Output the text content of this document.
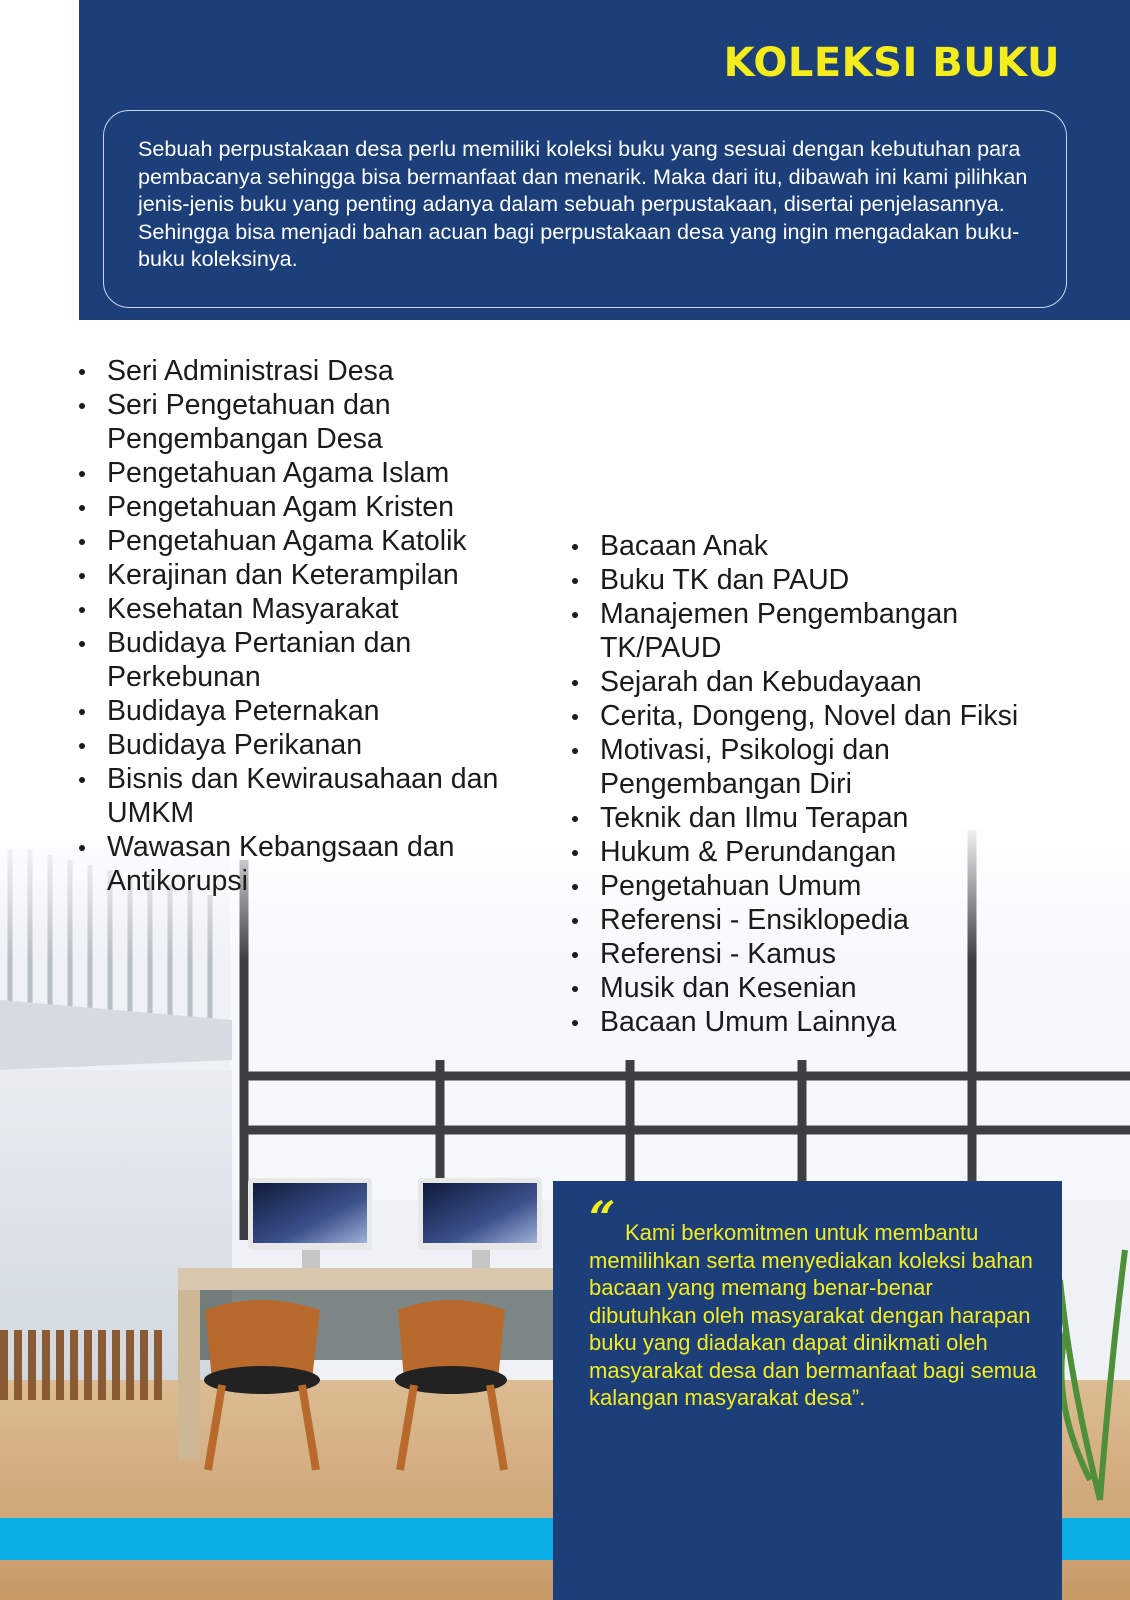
KOLEKSI BUKU

Sebuah perpustakaan desa perlu memiliki koleksi buku yang sesuai dengan kebutuhan para pembacanya sehingga bisa bermanfaat dan menarik. Maka dari itu, dibawah ini kami pilihkan jenis-jenis buku yang penting adanya dalam sebuah perpustakaan, disertai penjelasannya. Sehingga bisa menjadi bahan acuan bagi perpustakaan desa yang ingin mengadakan buku-buku koleksinya.

Seri Administrasi Desa
Seri Pengetahuan dan Pengembangan Desa
Pengetahuan Agama Islam
Pengetahuan Agam Kristen
Pengetahuan Agama Katolik
Kerajinan dan Keterampilan
Kesehatan Masyarakat
Budidaya Pertanian dan Perkebunan
Budidaya Peternakan
Budidaya Perikanan
Bisnis dan Kewirausahaan dan UMKM
Wawasan Kebangsaan dan Antikorupsi
Bacaan Anak
Buku TK dan PAUD
Manajemen Pengembangan TK/PAUD
Sejarah dan Kebudayaan
Cerita, Dongeng, Novel dan Fiksi
Motivasi, Psikologi dan Pengembangan Diri
Teknik dan Ilmu Terapan
Hukum & Perundangan
Pengetahuan Umum
Referensi - Ensiklopedia
Referensi - Kamus
Musik dan Kesenian
Bacaan Umum Lainnya
“ Kami berkomitmen untuk membantu memilihkan serta menyediakan koleksi bahan bacaan yang memang benar-benar dibutuhkan oleh masyarakat dengan harapan buku yang diadakan dapat dinikmati oleh masyarakat desa dan bermanfaat bagi semua kalangan masyarakat desa”.
